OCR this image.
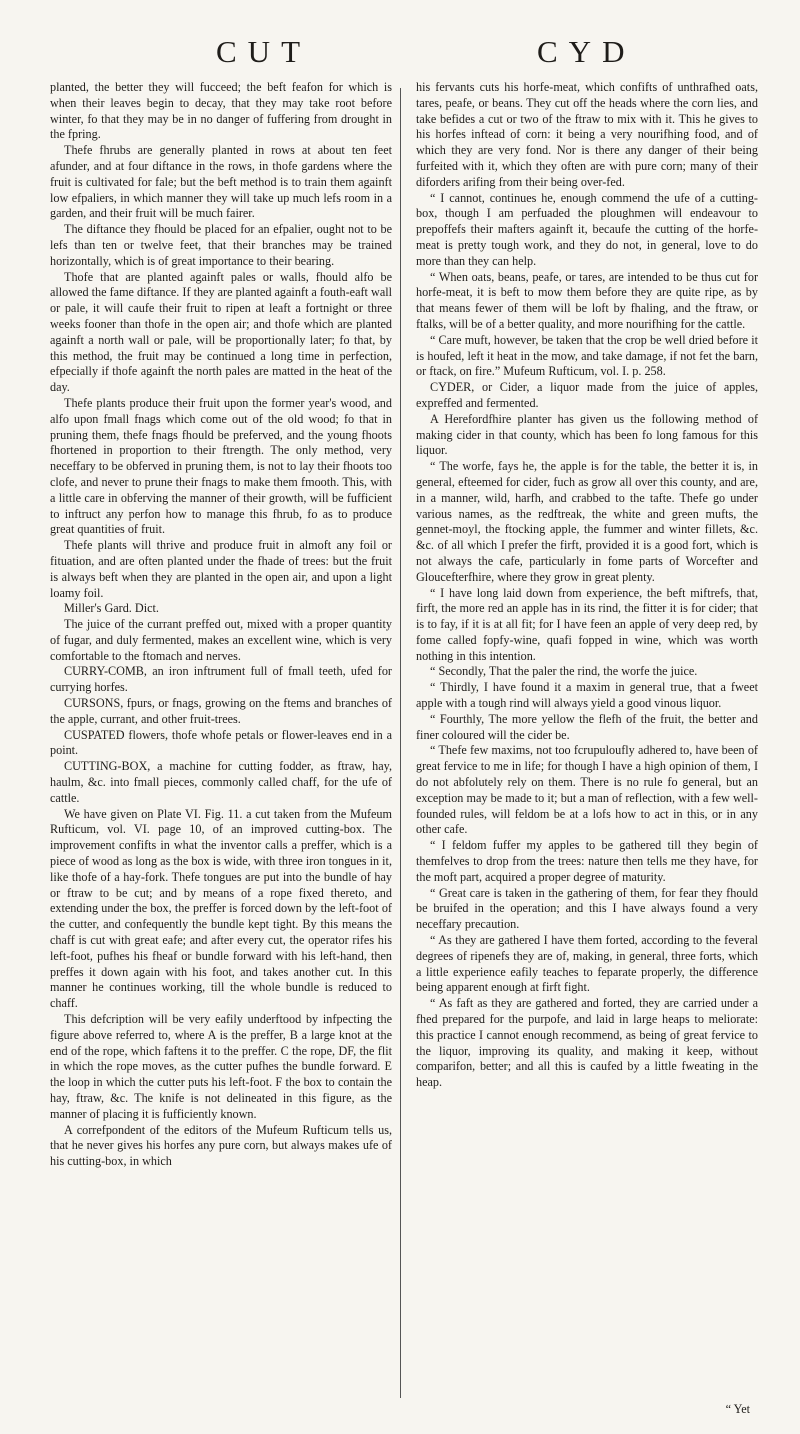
CUT	CYD

planted, the better they will fucceed; the beft feafon for which is when their leaves begin to decay, that they may take root before winter, fo that they may be in no danger of fuffering from drought in the fpring.

Thefe fhrubs are generally planted in rows at about ten feet afunder, and at four diftance in the rows, in thofe gardens where the fruit is cultivated for fale; but the beft method is to train them againft low efpaliers, in which manner they will take up much lefs room in a garden, and their fruit will be much fairer.

The diftance they fhould be placed for an efpalier, ought not to be lefs than ten or twelve feet, that their branches may be trained horizontally, which is of great importance to their bearing.

Thofe that are planted againft pales or walls, fhould alfo be allowed the fame diftance. If they are planted againft a fouth-eaft wall or pale, it will caufe their fruit to ripen at leaft a fortnight or three weeks fooner than thofe in the open air; and thofe which are planted againft a north wall or pale, will be proportionally later; fo that, by this method, the fruit may be continued a long time in perfection, efpecially if thofe againft the north pales are matted in the heat of the day.

Thefe plants produce their fruit upon the former year's wood, and alfo upon fmall fnags which come out of the old wood; fo that in pruning them, thefe fnags fhould be preferved, and the young fhoots fhortened in proportion to their ftrength. The only method, very neceffary to be obferved in pruning them, is not to lay their fhoots too clofe, and never to prune their fnags to make them fmooth. This, with a little care in obferving the manner of their growth, will be fufficient to inftruct any perfon how to manage this fhrub, fo as to produce great quantities of fruit.

Thefe plants will thrive and produce fruit in almoft any foil or fituation, and are often planted under the fhade of trees: but the fruit is always beft when they are planted in the open air, and upon a light loamy foil.

Miller's Gard. Dict.

The juice of the currant preffed out, mixed with a proper quantity of fugar, and duly fermented, makes an excellent wine, which is very comfortable to the ftomach and nerves.

CURRY-COMB, an iron inftrument full of fmall teeth, ufed for currying horfes.

CURSONS, fpurs, or fnags, growing on the ftems and branches of the apple, currant, and other fruit-trees.

CUSPATED flowers, thofe whofe petals or flower-leaves end in a point.

CUTTING-BOX, a machine for cutting fodder, as ftraw, hay, haulm, &c. into fmall pieces, commonly called chaff, for the ufe of cattle.

We have given on Plate VI. Fig. 11. a cut taken from the Mufeum Rufticum, vol. VI. page 10, of an improved cutting-box. The improvement confifts in what the inventor calls a preffer, which is a piece of wood as long as the box is wide, with three iron tongues in it, like thofe of a hay-fork. Thefe tongues are put into the bundle of hay or ftraw to be cut; and by means of a rope fixed thereto, and extending under the box, the preffer is forced down by the left-foot of the cutter, and confequently the bundle kept tight. By this means the chaff is cut with great eafe; and after every cut, the operator rifes his left-foot, pufhes his fheaf or bundle forward with his left-hand, then preffes it down again with his foot, and takes another cut. In this manner he continues working, till the whole bundle is reduced to chaff.

This defcription will be very eafily underftood by infpecting the figure above referred to, where A is the preffer, B a large knot at the end of the rope, which faftens it to the preffer. C the rope, DF, the flit in which the rope moves, as the cutter pufhes the bundle forward. E the loop in which the cutter puts his left-foot. F the box to contain the hay, ftraw, &c. The knife is not delineated in this figure, as the manner of placing it is fufficiently known.

A correfpondent of the editors of the Mufeum Rufticum tells us, that he never gives his horfes any pure corn, but always makes ufe of his cutting-box, in which

his fervants cuts his horfe-meat, which confifts of unthrafhed oats, tares, peafe, or beans. They cut off the heads where the corn lies, and take befides a cut or two of the ftraw to mix with it. This he gives to his horfes inftead of corn: it being a very nourifhing food, and of which they are very fond. Nor is there any danger of their being furfeited with it, which they often are with pure corn; many of their diforders arifing from their being over-fed.

“ I cannot, continues he, enough commend the ufe of a cutting-box, though I am perfuaded the ploughmen will endeavour to prepoffefs their mafters againft it, becaufe the cutting of the horfe-meat is pretty tough work, and they do not, in general, love to do more than they can help.

“ When oats, beans, peafe, or tares, are intended to be thus cut for horfe-meat, it is beft to mow them before they are quite ripe, as by that means fewer of them will be loft by fhaling, and the ftraw, or ftalks, will be of a better quality, and more nourifhing for the cattle.

“ Care muft, however, be taken that the crop be well dried before it is houfed, left it heat in the mow, and take damage, if not fet the barn, or ftack, on fire.” Mufeum Rufticum, vol. I. p. 258.

CYDER, or Cider, a liquor made from the juice of apples, expreffed and fermented.

A Herefordfhire planter has given us the following method of making cider in that county, which has been fo long famous for this liquor.

“ The worfe, fays he, the apple is for the table, the better it is, in general, efteemed for cider, fuch as grow all over this county, and are, in a manner, wild, harfh, and crabbed to the tafte. Thefe go under various names, as the redftreak, the white and green mufts, the gennet-moyl, the ftocking apple, the fummer and winter fillets, &c. &c. of all which I prefer the firft, provided it is a good fort, which is not always the cafe, particularly in fome parts of Worcefter and Gloucefterfhire, where they grow in great plenty.

“ I have long laid down from experience, the beft miftrefs, that, firft, the more red an apple has in its rind, the fitter it is for cider; that is to fay, if it is at all fit; for I have feen an apple of very deep red, by fome called fopfy-wine, quafi fopped in wine, which was worth nothing in this intention.

“ Secondly, That the paler the rind, the worfe the juice.

“ Thirdly, I have found it a maxim in general true, that a fweet apple with a tough rind will always yield a good vinous liquor.

“ Fourthly, The more yellow the flefh of the fruit, the better and finer coloured will the cider be.

“ Thefe few maxims, not too fcrupuloufly adhered to, have been of great fervice to me in life; for though I have a high opinion of them, I do not abfolutely rely on them. There is no rule fo general, but an exception may be made to it; but a man of reflection, with a few well-founded rules, will feldom be at a lofs how to act in this, or in any other cafe.

“ I feldom fuffer my apples to be gathered till they begin of themfelves to drop from the trees: nature then tells me they have, for the moft part, acquired a proper degree of maturity.

“ Great care is taken in the gathering of them, for fear they fhould be bruifed in the operation; and this I have always found a very neceffary precaution.

“ As they are gathered I have them forted, according to the feveral degrees of ripenefs they are of, making, in general, three forts, which a little experience eafily teaches to feparate properly, the difference being apparent enough at firft fight.

“ As faft as they are gathered and forted, they are carried under a fhed prepared for the purpofe, and laid in large heaps to meliorate: this practice I cannot enough recommend, as being of great fervice to the liquor, improving its quality, and making it keep, without comparifon, better; and all this is caufed by a little fweating in the heap.

“ Yet
